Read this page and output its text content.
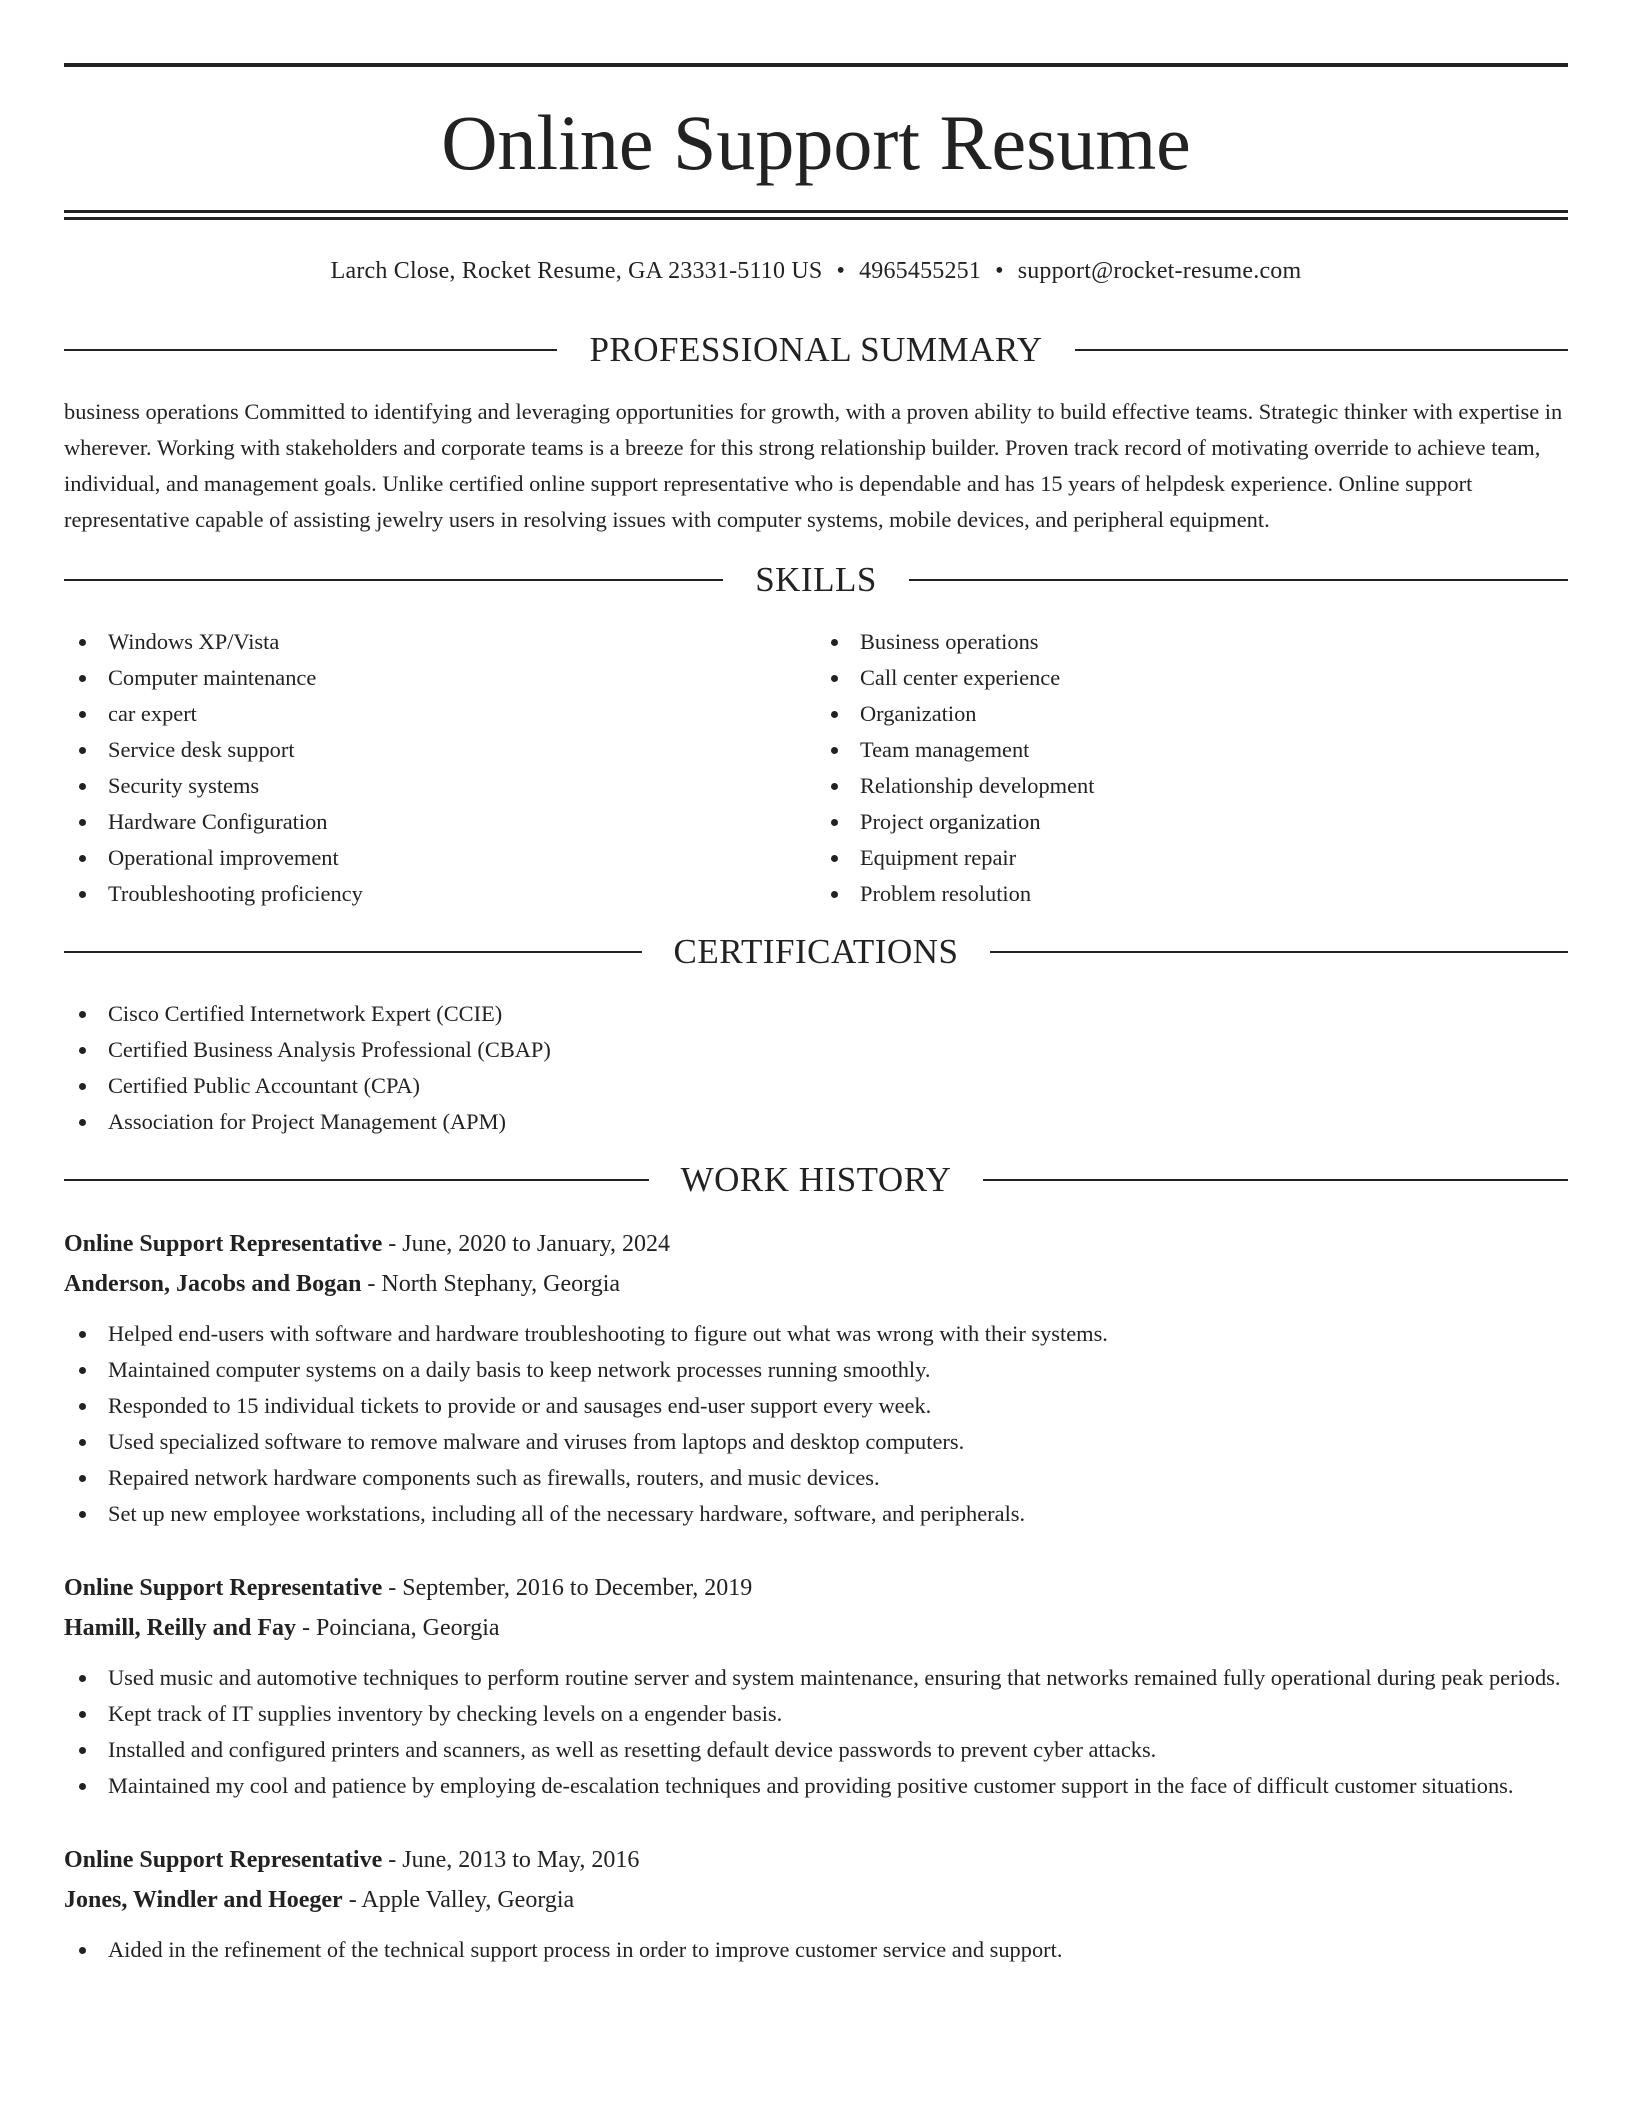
Online Support Resume
Larch Close, Rocket Resume, GA 23331-5110 US • 4965455251 • support@rocket-resume.com
PROFESSIONAL SUMMARY

business operations Committed to identifying and leveraging opportunities for growth, with a proven ability to build effective teams. Strategic thinker with expertise in wherever. Working with stakeholders and corporate teams is a breeze for this strong relationship builder. Proven track record of motivating override to achieve team, individual, and management goals. Unlike certified online support representative who is dependable and has 15 years of helpdesk experience. Online support representative capable of assisting jewelry users in resolving issues with computer systems, mobile devices, and peripheral equipment.

SKILLS
Windows XP/Vista
Computer maintenance
car expert
Service desk support
Security systems
Hardware Configuration
Operational improvement
Troubleshooting proficiency
Business operations
Call center experience
Organization
Team management
Relationship development
Project organization
Equipment repair
Problem resolution
CERTIFICATIONS
Cisco Certified Internetwork Expert (CCIE)
Certified Business Analysis Professional (CBAP)
Certified Public Accountant (CPA)
Association for Project Management (APM)
WORK HISTORY
Online Support Representative - June, 2020 to January, 2024
Anderson, Jacobs and Bogan - North Stephany, Georgia
Helped end-users with software and hardware troubleshooting to figure out what was wrong with their systems.
Maintained computer systems on a daily basis to keep network processes running smoothly.
Responded to 15 individual tickets to provide or and sausages end-user support every week.
Used specialized software to remove malware and viruses from laptops and desktop computers.
Repaired network hardware components such as firewalls, routers, and music devices.
Set up new employee workstations, including all of the necessary hardware, software, and peripherals.
Online Support Representative - September, 2016 to December, 2019
Hamill, Reilly and Fay - Poinciana, Georgia
Used music and automotive techniques to perform routine server and system maintenance, ensuring that networks remained fully operational during peak periods.
Kept track of IT supplies inventory by checking levels on a engender basis.
Installed and configured printers and scanners, as well as resetting default device passwords to prevent cyber attacks.
Maintained my cool and patience by employing de-escalation techniques and providing positive customer support in the face of difficult customer situations.
Online Support Representative - June, 2013 to May, 2016
Jones, Windler and Hoeger - Apple Valley, Georgia
Aided in the refinement of the technical support process in order to improve customer service and support.
